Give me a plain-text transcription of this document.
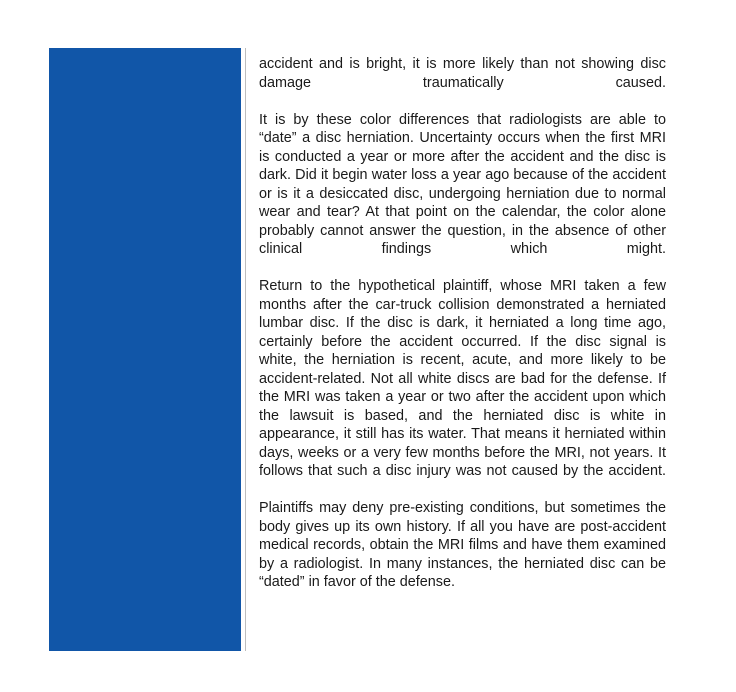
accident and is bright, it is more likely than not showing disc damage traumatically caused.

It is by these color differences that radiologists are able to “date” a disc herniation. Uncertainty occurs when the first MRI is conducted a year or more after the accident and the disc is dark. Did it begin water loss a year ago because of the accident or is it a desiccated disc, undergoing herniation due to normal wear and tear? At that point on the calendar, the color alone probably cannot answer the question, in the absence of other clinical findings which might.

Return to the hypothetical plaintiff, whose MRI taken a few months after the car-truck collision demonstrated a herniated lumbar disc. If the disc is dark, it herniated a long time ago, certainly before the accident occurred. If the disc signal is white, the herniation is recent, acute, and more likely to be accident-related. Not all white discs are bad for the defense. If the MRI was taken a year or two after the accident upon which the lawsuit is based, and the herniated disc is white in appearance, it still has its water. That means it herniated within days, weeks or a very few months before the MRI, not years. It follows that such a disc injury was not caused by the accident.

Plaintiffs may deny pre-existing conditions, but sometimes the body gives up its own history. If all you have are post-accident medical records, obtain the MRI films and have them examined by a radiologist. In many instances, the herniated disc can be “dated” in favor of the defense.
